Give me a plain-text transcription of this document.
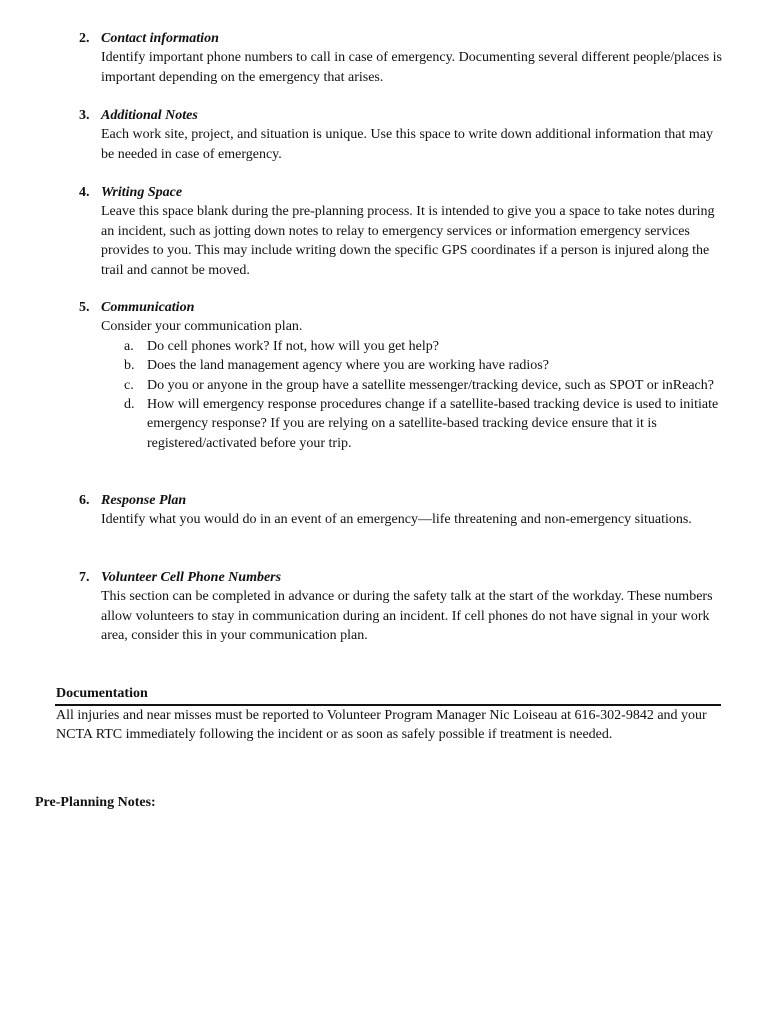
2. Contact information

Identify important phone numbers to call in case of emergency. Documenting several different people/places is important depending on the emergency that arises.

3. Additional Notes

Each work site, project, and situation is unique. Use this space to write down additional information that may be needed in case of emergency.

4. Writing Space

Leave this space blank during the pre-planning process. It is intended to give you a space to take notes during an incident, such as jotting down notes to relay to emergency services or information emergency services provides to you. This may include writing down the specific GPS coordinates if a person is injured along the trail and cannot be moved.

5. Communication

Consider your communication plan.

a. Do cell phones work? If not, how will you get help?
b. Does the land management agency where you are working have radios?
c. Do you or anyone in the group have a satellite messenger/tracking device, such as SPOT or inReach?
d. How will emergency response procedures change if a satellite-based tracking device is used to initiate emergency response? If you are relying on a satellite-based tracking device ensure that it is registered/activated before your trip.
6. Response Plan

Identify what you would do in an event of an emergency—life threatening and non-emergency situations.

7. Volunteer Cell Phone Numbers

This section can be completed in advance or during the safety talk at the start of the workday. These numbers allow volunteers to stay in communication during an incident. If cell phones do not have signal in your work area, consider this in your communication plan.

Documentation

All injuries and near misses must be reported to Volunteer Program Manager Nic Loiseau at 616-302-9842 and your NCTA RTC immediately following the incident or as soon as safely possible if treatment is needed.

Pre-Planning Notes:
